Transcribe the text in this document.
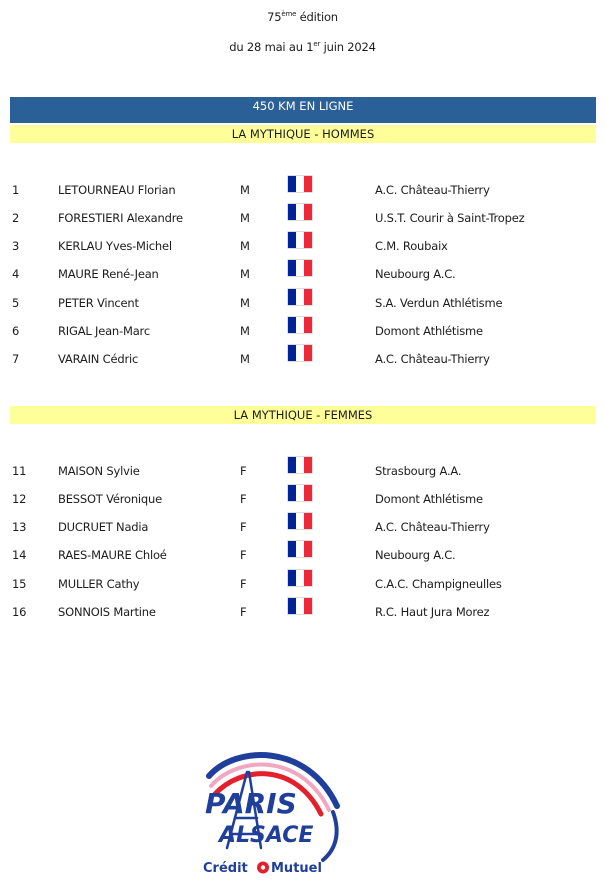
75ème édition
du 28 mai au 1er juin 2024
450 KM EN LIGNE
LA MYTHIQUE - HOMMES
1	LETOURNEAU Florian	M	A.C. Château-Thierry
2	FORESTIERI Alexandre	M	U.S.T. Courir à Saint-Tropez
3	KERLAU Yves-Michel	M	C.M. Roubaix
4	MAURE René-Jean	M	Neubourg A.C.
5	PETER Vincent	M	S.A. Verdun Athlétisme
6	RIGAL Jean-Marc	M	Domont Athlétisme
7	VARAIN Cédric	M	A.C. Château-Thierry
LA MYTHIQUE - FEMMES
11	MAISON Sylvie	F	Strasbourg A.A.
12	BESSOT Véronique	F	Domont Athlétisme
13	DUCRUET Nadia	F	A.C. Château-Thierry
14	RAES-MAURE Chloé	F	Neubourg A.C.
15	MULLER Cathy	F	C.A.C. Champigneulles
16	SONNOIS Martine	F	R.C. Haut Jura Morez
PARIS
ALSACE
Crédit Mutuel
